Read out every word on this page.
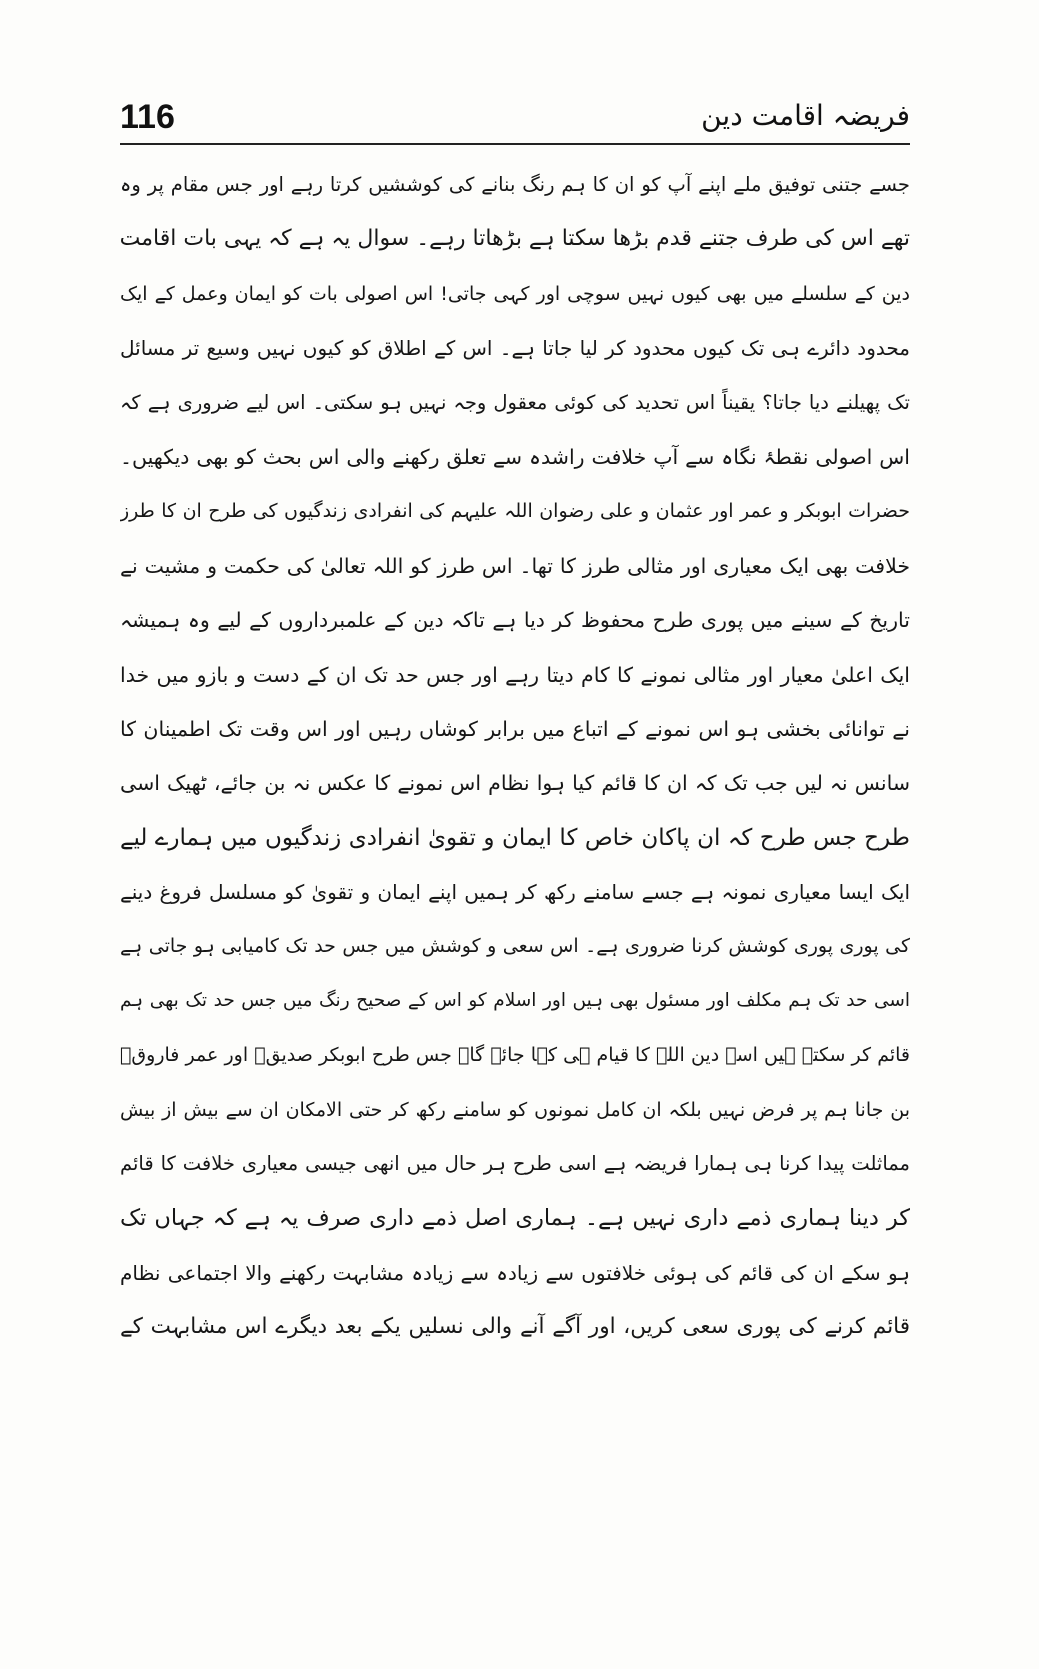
116	فریضہ اقامت دین
جسے جتنی توفیق ملے اپنے آپ کو ان کا ہم رنگ بنانے کی کوششیں کرتا رہے اور جس مقام پر وہ
تھے اس کی طرف جتنے قدم بڑھا سکتا ہے بڑھاتا رہے۔ سوال یہ ہے کہ یہی بات اقامت
دین کے سلسلے میں بھی کیوں نہیں سوچی اور کہی جاتی! اس اصولی بات کو ایمان وعمل کے ایک
محدود دائرے ہی تک کیوں محدود کر لیا جاتا ہے۔ اس کے اطلاق کو کیوں نہیں وسیع تر مسائل
تک پھیلنے دیا جاتا؟ یقیناً اس تحدید کی کوئی معقول وجہ نہیں ہو سکتی۔ اس لیے ضروری ہے کہ
اس اصولی نقطۂ نگاہ سے آپ خلافت راشدہ سے تعلق رکھنے والی اس بحث کو بھی دیکھیں۔
حضرات ابوبکر و عمر اور عثمان و علی رضوان اللہ علیہم کی انفرادی زندگیوں کی طرح ان کا طرز
خلافت بھی ایک معیاری اور مثالی طرز کا تھا۔ اس طرز کو اللہ تعالیٰ کی حکمت و مشیت نے
تاریخ کے سینے میں پوری طرح محفوظ کر دیا ہے تاکہ دین کے علمبرداروں کے لیے وہ ہمیشہ
ایک اعلیٰ معیار اور مثالی نمونے کا کام دیتا رہے اور جس حد تک ان کے دست و بازو میں خدا
نے توانائی بخشی ہو اس نمونے کے اتباع میں برابر کوشاں رہیں اور اس وقت تک اطمینان کا
سانس نہ لیں جب تک کہ ان کا قائم کیا ہوا نظام اس نمونے کا عکس نہ بن جائے، ٹھیک اسی
طرح جس طرح کہ ان پاکان خاص کا ایمان و تقویٰ انفرادی زندگیوں میں ہمارے لیے
ایک ایسا معیاری نمونہ ہے جسے سامنے رکھ کر ہمیں اپنے ایمان و تقویٰ کو مسلسل فروغ دینے
کی پوری پوری کوشش کرنا ضروری ہے۔ اس سعی و کوشش میں جس حد تک کامیابی ہو جاتی ہے
اسی حد تک ہم مکلف اور مسئول بھی ہیں اور اسلام کو اس کے صحیح رنگ میں جس حد تک بھی ہم
قائم کر سکتے ہیں اسے دین اللہ کا قیام ہی کہا جائے گا۔ جس طرح ابوبکر صدیقؓ اور عمر فاروقؓ
بن جانا ہم پر فرض نہیں بلکہ ان کامل نمونوں کو سامنے رکھ کر حتی الامکان ان سے بیش از بیش
مماثلت پیدا کرنا ہی ہمارا فریضہ ہے اسی طرح ہر حال میں انھی جیسی معیاری خلافت کا قائم
کر دینا ہماری ذمے داری نہیں ہے۔ ہماری اصل ذمے داری صرف یہ ہے کہ جہاں تک
ہو سکے ان کی قائم کی ہوئی خلافتوں سے زیادہ سے زیادہ مشابہت رکھنے والا اجتماعی نظام
قائم کرنے کی پوری سعی کریں، اور آگے آنے والی نسلیں یکے بعد دیگرے اس مشابہت کے
